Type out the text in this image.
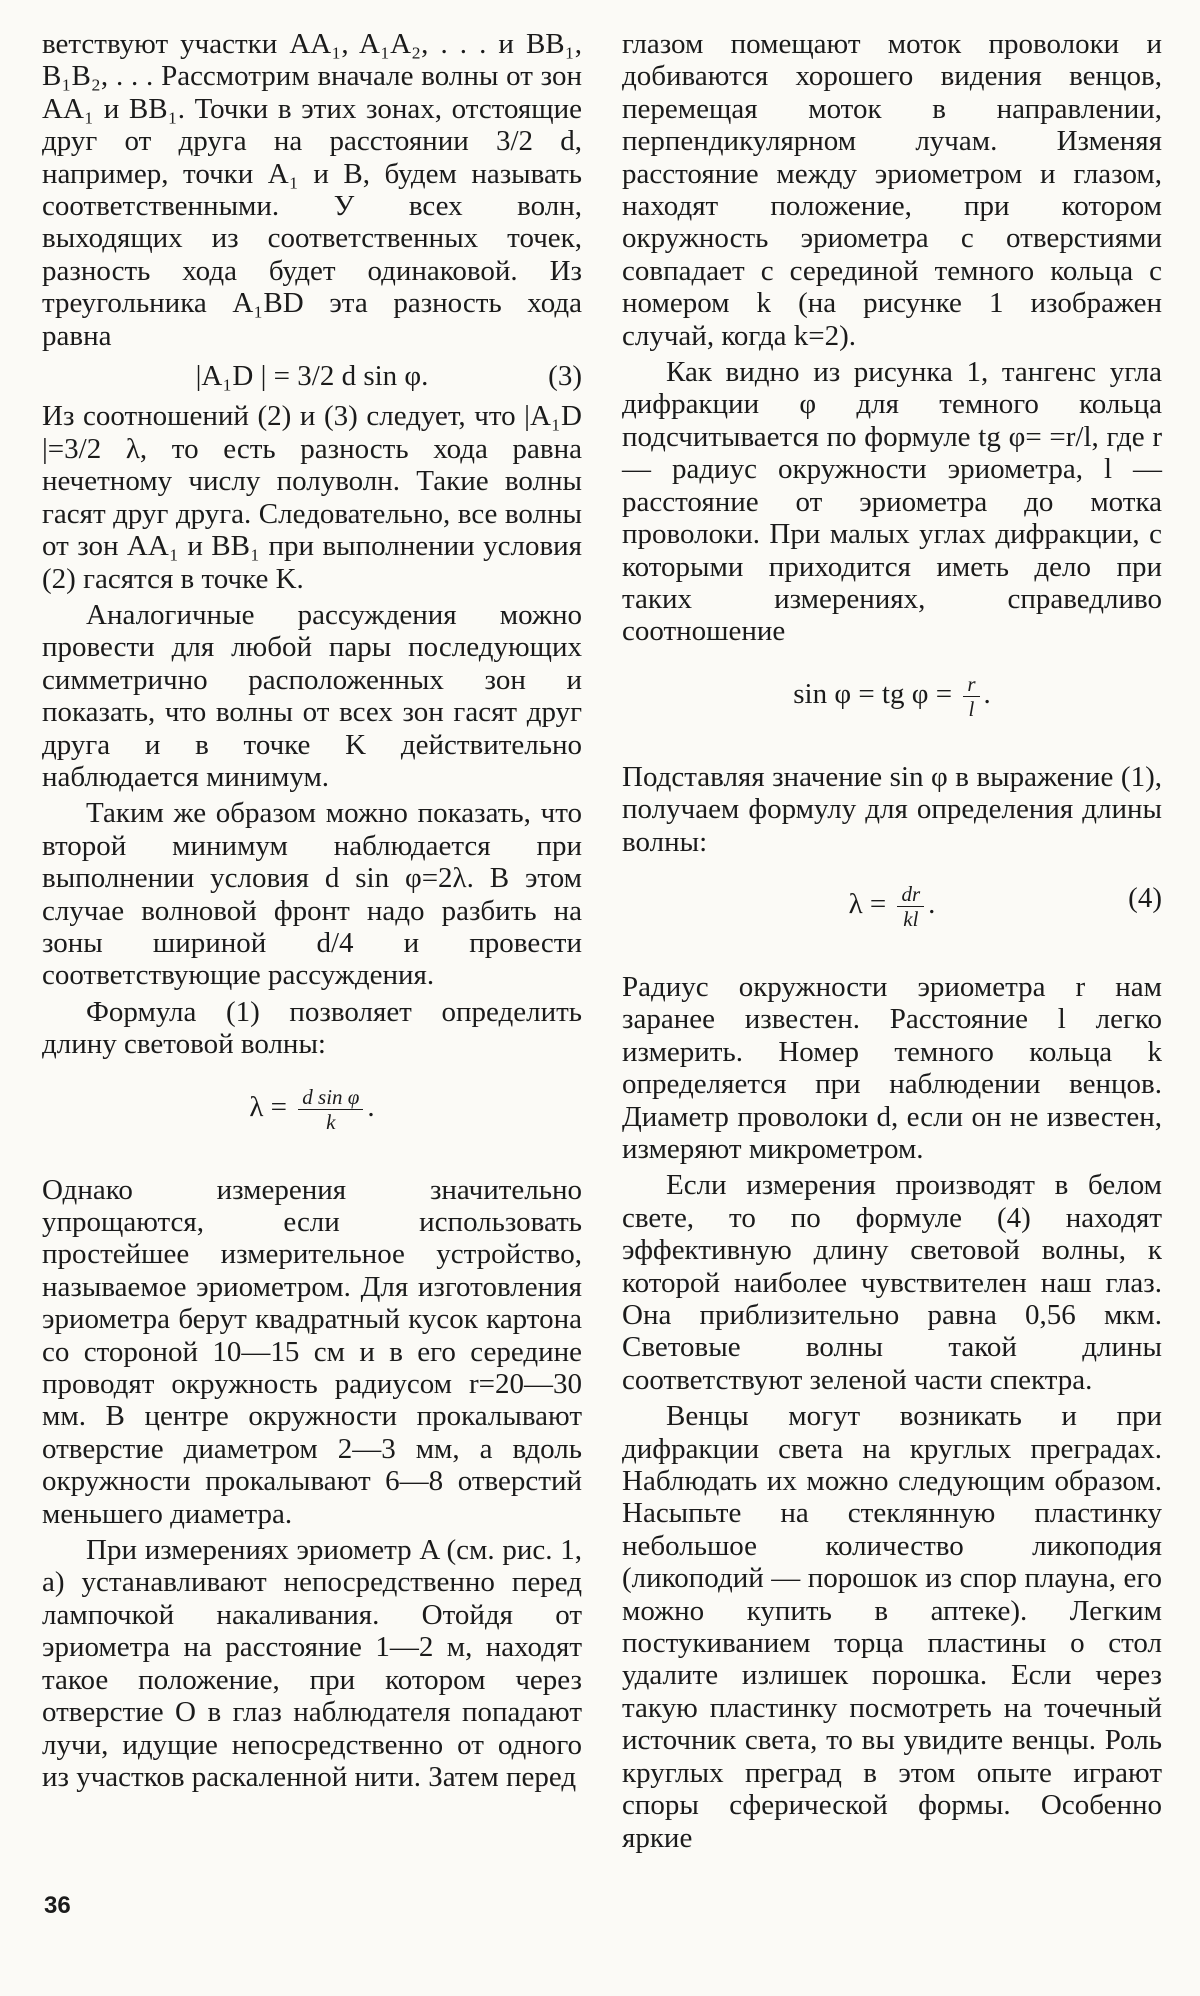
ветствуют участки AA₁, A₁A₂, . . . и BB₁, B₁B₂, . . . Рассмотрим вначале волны от зон AA₁ и BB₁. Точки в этих зонах, отстоящие друг от друга на расстоянии 3/2 d, например, точки A₁ и B, будем называть соответственными. У всех волн, выходящих из соответственных точек, разность хода будет одинаковой. Из треугольника A₁BD эта разность хода равна

|A₁D | = 3/2 d sin φ.	(3)

Из соотношений (2) и (3) следует, что |A₁D |=3/2 λ, то есть разность хода равна нечетному числу полуволн. Такие волны гасят друг друга. Следовательно, все волны от зон AA₁ и BB₁ при выполнении условия (2) гасятся в точке K.

Аналогичные рассуждения можно провести для любой пары последующих симметрично расположенных зон и показать, что волны от всех зон гасят друг друга и в точке K действительно наблюдается минимум.

Таким же образом можно показать, что второй минимум наблюдается при выполнении условия d sin φ=2λ. В этом случае волновой фронт надо разбить на зоны шириной d/4 и провести соответствующие рассуждения.

Формула (1) позволяет определить длину световой волны:

$\lambda = \frac{\text{d sin φ}}{k}$ .

Однако измерения значительно упрощаются, если использовать простейшее измерительное устройство, называемое эриометром. Для изготовления эриометра берут квадратный кусок картона со стороной 10—15 см и в его середине проводят окружность радиусом r=20—30 мм. В центре окружности прокалывают отверстие диаметром 2—3 мм, а вдоль окружности прокалывают 6—8 отверстий меньшего диаметра.

При измерениях эриометр A (см. рис. 1, a) устанавливают непосредственно перед лампочкой накаливания. Отойдя от эриометра на расстояние 1—2 м, находят такое положение, при котором через отверстие O в глаз наблюдателя попадают лучи, идущие непосредственно от одного из участков раскаленной нити. Затем перед

глазом помещают моток проволоки и добиваются хорошего видения венцов, перемещая моток в направлении, перпендикулярном лучам. Изменяя расстояние между эриометром и глазом, находят положение, при котором окружность эриометра с отверстиями совпадает с серединой темного кольца с номером k (на рисунке 1 изображен случай, когда k=2).

Как видно из рисунка 1, тангенс угла дифракции φ для темного кольца подсчитывается по формуле tg φ= =r/l, где r — радиус окружности эриометра, l — расстояние от эриометра до мотка проволоки. При малых углах дифракции, с которыми приходится иметь дело при таких измерениях, справедливо соотношение

sin φ = tg $\varphi = \frac{r}{l}$ .

Подставляя значение sin φ в выражение (1), получаем формулу для определения длины волны:

$\lambda = \frac{dr}{kl}$ .	(4)

Радиус окружности эриометра r нам заранее известен. Расстояние l легко измерить. Номер темного кольца k определяется при наблюдении венцов. Диаметр проволоки d, если он не известен, измеряют микрометром.

Если измерения производят в белом свете, то по формуле (4) находят эффективную длину световой волны, к которой наиболее чувствителен наш глаз. Она приблизительно равна 0,56 мкм. Световые волны такой длины соответствуют зеленой части спектра.

Венцы могут возникать и при дифракции света на круглых преградах. Наблюдать их можно следующим образом. Насыпьте на стеклянную пластинку небольшое количество ликоподия (ликоподий — порошок из спор плауна, его можно купить в аптеке). Легким постукиванием торца пластины о стол удалите излишек порошка. Если через такую пластинку посмотреть на точечный источник света, то вы увидите венцы. Роль круглых преград в этом опыте играют споры сферической формы. Особенно яркие

36
